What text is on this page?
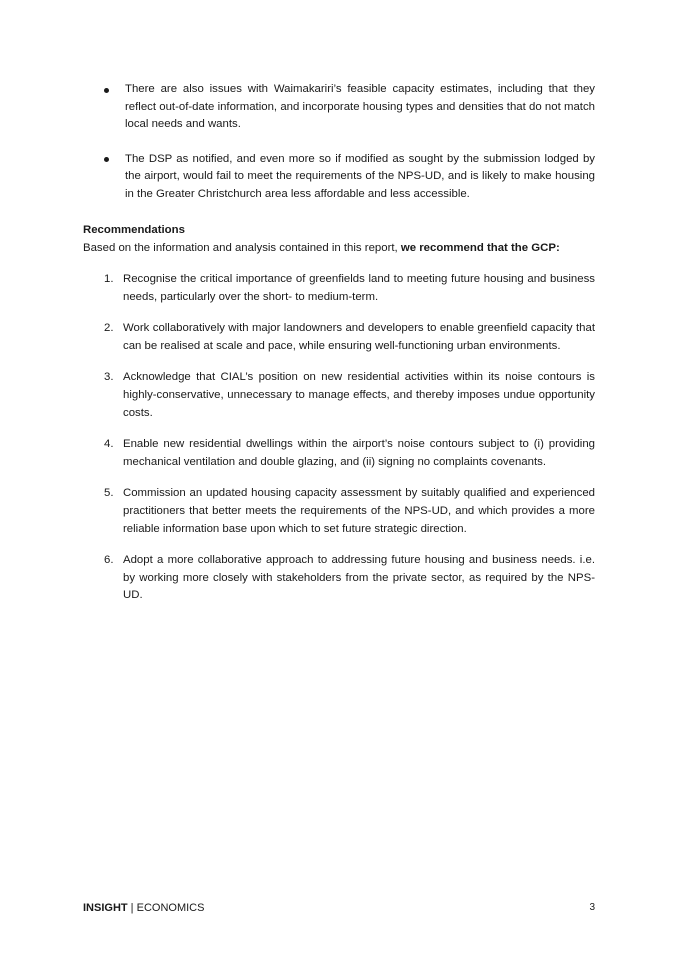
There are also issues with Waimakariri’s feasible capacity estimates, including that they reflect out-of-date information, and incorporate housing types and densities that do not match local needs and wants.
The DSP as notified, and even more so if modified as sought by the submission lodged by the airport, would fail to meet the requirements of the NPS-UD, and is likely to make housing in the Greater Christchurch area less affordable and less accessible.
Recommendations
Based on the information and analysis contained in this report, we recommend that the GCP:
1. Recognise the critical importance of greenfields land to meeting future housing and business needs, particularly over the short- to medium-term.
2. Work collaboratively with major landowners and developers to enable greenfield capacity that can be realised at scale and pace, while ensuring well-functioning urban environments.
3. Acknowledge that CIAL’s position on new residential activities within its noise contours is highly-conservative, unnecessary to manage effects, and thereby imposes undue opportunity costs.
4. Enable new residential dwellings within the airport’s noise contours subject to (i) providing mechanical ventilation and double glazing, and (ii) signing no complaints covenants.
5. Commission an updated housing capacity assessment by suitably qualified and experienced practitioners that better meets the requirements of the NPS-UD, and which provides a more reliable information base upon which to set future strategic direction.
6. Adopt a more collaborative approach to addressing future housing and business needs. i.e. by working more closely with stakeholders from the private sector, as required by the NPS-UD.
INSIGHT | ECONOMICS	3
